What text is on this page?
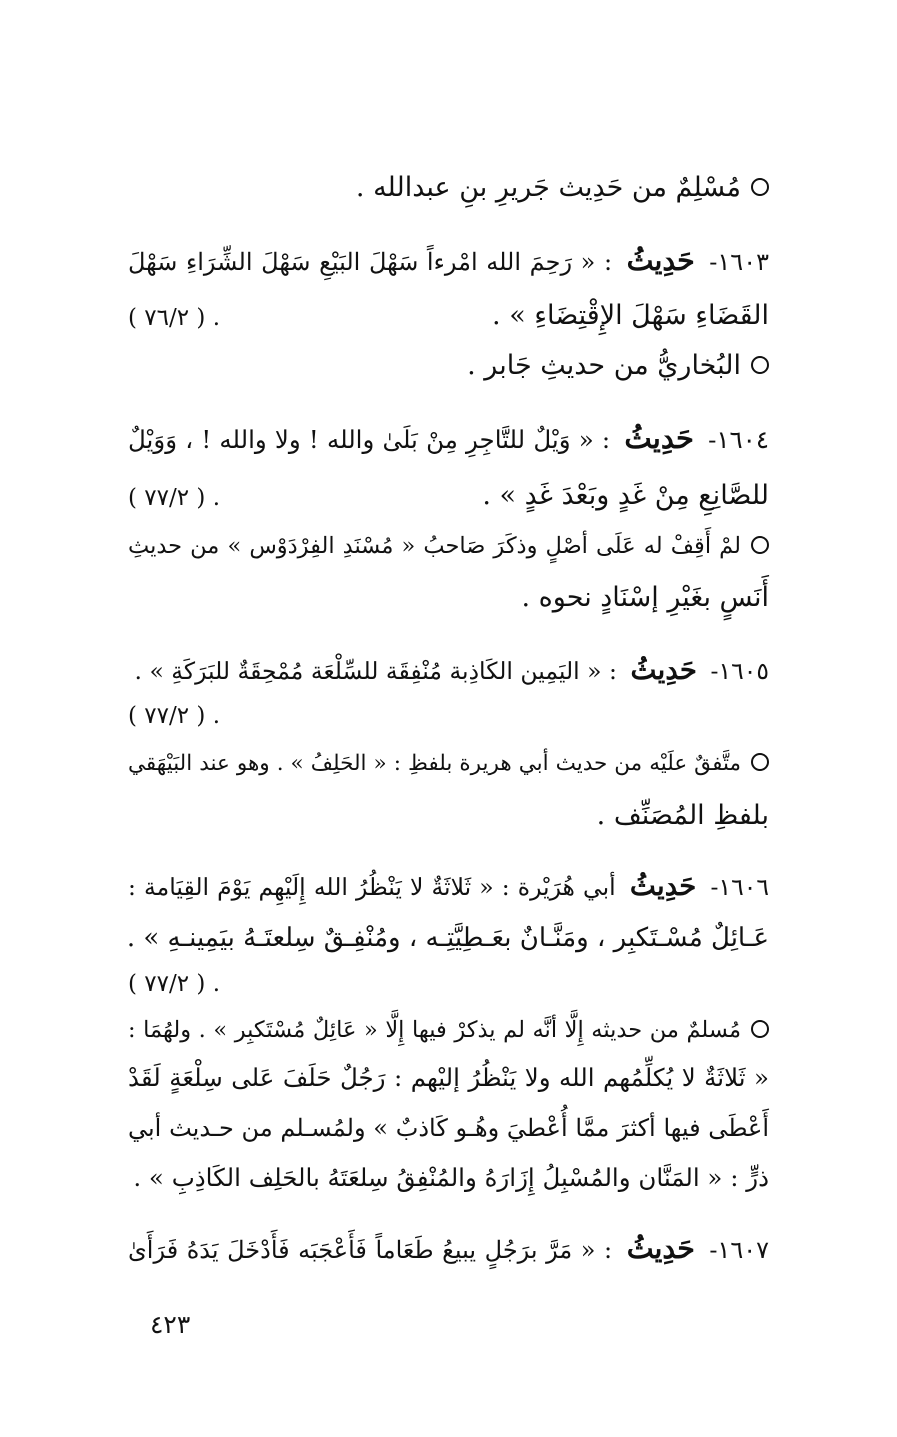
مُسْلِمٌ من حَدِيث جَريرِ بنِ عبدالله .
١٦٠٣- حَدِيثُ : « رَحِمَ الله امْرءاً سَهْلَ البَيْعِ سَهْلَ الشِّرَاءِ سَهْلَ
القَضَاءِ سَهْلَ الإِقْتِضَاءِ » .
. ( ٧٦/٢ )
البُخاريُّ من حديثِ جَابر .
١٦٠٤- حَدِيثُ : « وَيْلٌ للتَّاجِرِ مِنْ بَلَىٰ والله ! ولا والله ! ، وَوَيْلٌ
للصَّانِعِ مِنْ غَدٍ وبَعْدَ غَدٍ » .
. ( ٧٧/٢ )
لمْ أَقِفْ له عَلَى أصْلٍ وذكَرَ صَاحبُ « مُسْنَدِ الفِرْدَوْس » من حديثِ
أَنَسٍ بغَيْرِ إسْنَادٍ نحوه .
١٦٠٥- حَدِيثُ : « اليَمِين الكَاذِبة مُنْفِقَة للسِّلْعَة مُمْحِقَةٌ للبَرَكَةِ » .
. ( ٧٧/٢ )
متَّفقٌ علَيْه من حديث أبي هريرة بلفظِ : « الحَلِفُ » . وهو عند البَيْهَقي
بلفظِ المُصَنِّف .
١٦٠٦- حَدِيثُ أبي هُرَيْرة : « ثَلاثَةٌ لا يَنْظُرُ الله إِلَيْهِم يَوْمَ القِيَامة :
عَـائِلٌ مُسْـتَكبِر ، ومَنَّـانٌ بعَـطِيَّتِـه ، ومُنْفِـقٌ سِلعتَـهُ بيَمِينـهِ » .
. ( ٧٧/٢ )
مُسلمٌ من حديثه إِلَّا أنَّه لم يذكرْ فيها إِلَّا « عَائِلٌ مُسْتَكبِر » . ولهُمَا :
« ثَلاثَةٌ لا يُكلِّمُهم الله ولا يَنْظُرُ إليْهم : رَجُلٌ حَلَفَ عَلى سِلْعَةٍ لَقَدْ
أَعْطَى فيها أكثرَ ممَّا أُعْطيَ وهُـو كَاذبٌ » ولمُسـلم من حـديث أبي
ذرٍّ : « المَنَّان والمُسْبِلُ إِزَارَهُ والمُنْفِقُ سِلعَتَهُ بالحَلِف الكَاذِبِ » .
١٦٠٧- حَدِيثُ : « مَرَّ برَجُلٍ يبيعُ طَعَاماً فَأَعْجَبَه فَأَدْخَلَ يَدَهُ فَرَأَىٰ
٤٢٣
